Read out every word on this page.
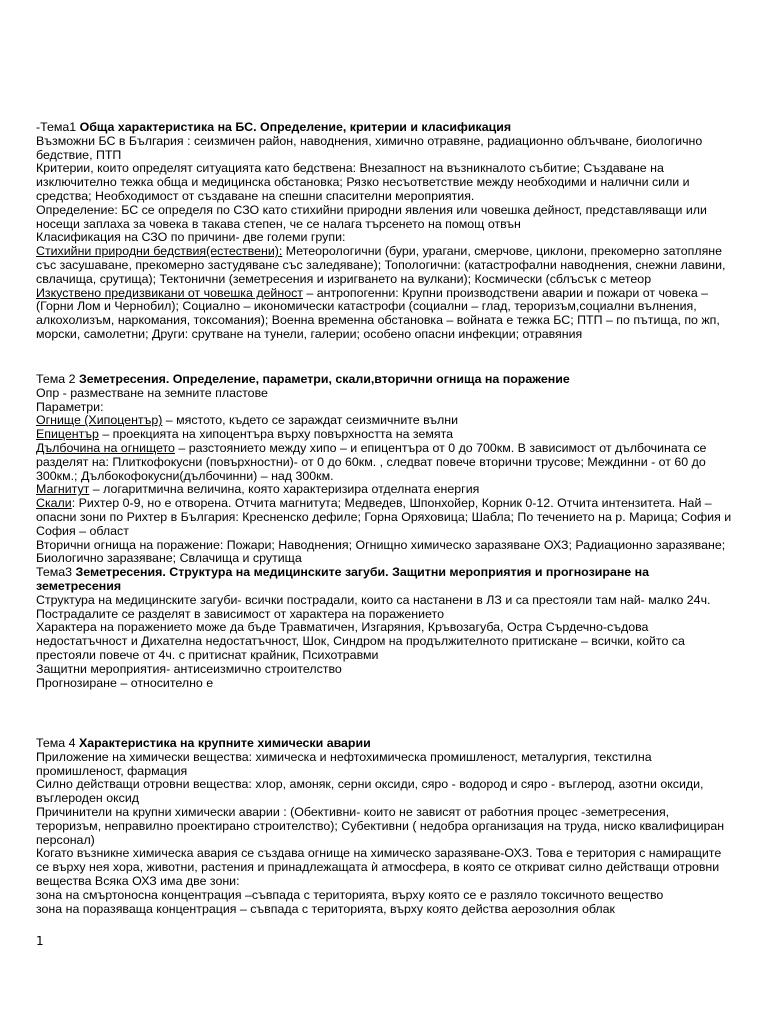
-Тема1 Обща характеристика на БС. Определение, критерии и класификация

Възможни БС в България : сеизмичен район, наводнения, химично отравяне, радиационно облъчване, биологично бедствие, ПТП

Критерии, които определят ситуацията като бедствена: Внезапност на възникналото събитие; Създаване на изключително тежка обща и медицинска обстановка; Рязко несъответствие между необходими и налични сили и средства; Необходимост от създаване на спешни спасителни мероприятия.

Определение: БС се определя по СЗО като стихийни природни явления или човешка дейност, представляващи или носещи заплаха за човека в такава степен, че се налага търсенето на помощ отвън

Класификация на СЗО по причини- две големи групи:

Стихийни природни бедствия(естествени): Метеорологични (бури, урагани, смерчове, циклони, прекомерно затопляне със засушаване, прекомерно застудяване със заледяване); Топологични: (катастрофални наводнения, снежни лавини, свлачища, срутища); Тектонични (земетресения и изригването на вулкани); Космически (сблъсък с метеор

Изкуствено предизвикани от човешка дейност – антропогенни: Крупни производствени аварии и пожари от човека – (Горни Лом и Чернобил); Социално – икономически катастрофи (социални – глад, тероризъм,социални вълнения, алкохолизъм, наркомания, токсомания); Военна временна обстановка – войната е тежка БС; ПТП – по пътища, по жп, морски, самолетни; Други: срутване на тунели, галерии; особено опасни инфекции; отравяния

Тема 2 Земетресения. Определение, параметри, скали,вторични огнища на поражение

Опр - разместване на земните пластове

Параметри:

Огнище (Хипоцентър) – мястото, където се зараждат сеизмичните вълни

Епицентър – проекцията на хипоцентъра върху повърхността на земята

Дълбочина на огнището – разстоянието между хипо – и епицентъра от 0 до 700км. В зависимост от дълбочината се разделят на: Плиткофокусни (повърхностни)- от 0 до 60км. , следват повече вторични трусове; Междинни - от 60 до 300км.; Дълбокофокусни(дълбочинни) – над 300км.

Магнитут – логаритмична величина, която характеризира отделната енергия

Скали: Рихтер 0-9, но е отворена. Отчита магнитута; Медведев, Шпонхойер, Корник 0-12. Отчита интензитета. Най – опасни зони по Рихтер в България: Кресненско дефиле; Горна Оряховица; Шабла; По течението на р. Марица; София и София – област

Вторични огнища на поражение: Пожари; Наводнения; Огнищно химическо заразяване ОХЗ; Радиационно заразяване; Биологично заразяване; Свлачища и срутища

Тема3 Земетресения. Структура на медицинските загуби. Защитни мероприятия и прогнозиране на земетресения

Структура на медицинските загуби- всички пострадали, които са настанени в ЛЗ и са престояли там най- малко 24ч. Пострадалите се разделят в зависимост от характера на поражението

Характера на поражението може да бъде Травматичен, Изгаряния, Кръвозагуба, Остра Сърдечно-съдова недостатъчност и Дихателна недостатъчност, Шок, Синдром на продължителното притискане – всички, който са престояли повече от 4ч. с притиснат крайник, Психотравми

Защитни мероприятия- антисеизмично строителство

Прогнозиране – относително е

Тема 4 Характеристика на крупните химически аварии

Приложение на химически вещества: химическа и нефтохимическа промишленост, металургия, текстилна промишленост, фармация

Силно действащи отровни вещества: хлор, амоняк, серни оксиди, сяро - водород и сяро - въглерод, азотни оксиди, въглероден оксид

Причинители на крупни химически аварии : (Обективни- които не зависят от работния процес -земетресения, тероризъм, неправилно проектирано строителство); Субективни ( недобра организация на труда, ниско квалифициран персонал)

Когато възникне химическа авария се създава огнище на химическо заразяване-ОХЗ. Това е територия с намиращите се върху нея хора, животни, растения и принадлежащата ѝ атмосфера, в която се откриват силно действащи отровни вещества Всяка ОХЗ има две зони:

зона на смъртоносна концентрация –съвпада с територията, върху която се е разляло токсичното вещество

зона на поразяваща концентрация – съвпада с територията, върху която действа аерозолния облак

1
